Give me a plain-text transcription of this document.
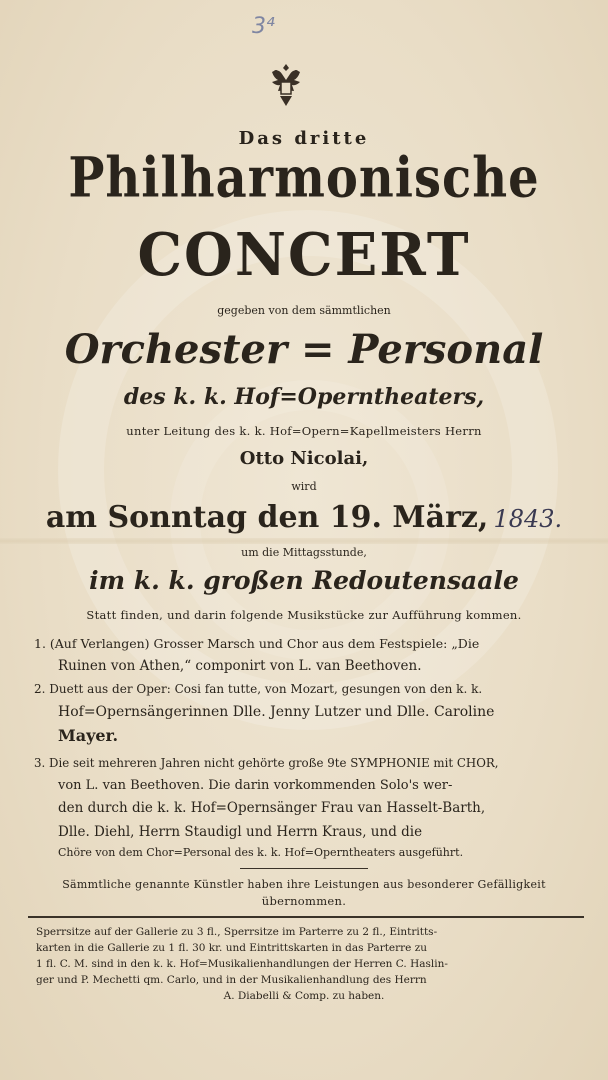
3⁴
Das dritte
Philharmonische
CONCERT
gegeben von dem sämmtlichen
Orchester = Personal
des k. k. Hof=Operntheaters,
unter Leitung des k. k. Hof=Opern=Kapellmeisters Herrn
Otto Nicolai,
wird
am Sonntag den 19. März, 1843.
um die Mittagsstunde,
im k. k. großen Redoutensaale
Statt finden, und darin folgende Musikstücke zur Aufführung kommen.
1. (Auf Verlangen) Grosser Marsch und Chor aus dem Festspiele: „Die
Ruinen von Athen,“ componirt von L. van Beethoven.
2. Duett aus der Oper: Cosi fan tutte, von Mozart, gesungen von den k. k.
Hof=Opernsängerinnen Dlle. Jenny Lutzer und Dlle. Caroline
Mayer.
3. Die seit mehreren Jahren nicht gehörte große 9te SYMPHONIE mit CHOR,
von L. van Beethoven. Die darin vorkommenden Solo's wer-
den durch die k. k. Hof=Opernsänger Frau van Hasselt-Barth,
Dlle. Diehl, Herrn Staudigl und Herrn Kraus, und die
Chöre von dem Chor=Personal des k. k. Hof=Operntheaters ausgeführt.
Sämmtliche genannte Künstler haben ihre Leistungen aus besonderer Gefälligkeit
übernommen.
Sperrsitze auf der Gallerie zu 3 fl., Sperrsitze im Parterre zu 2 fl., Eintritts-
karten in die Gallerie zu 1 fl. 30 kr. und Eintrittskarten in das Parterre zu
1 fl. C. M. sind in den k. k. Hof=Musikalienhandlungen der Herren C. Haslin-
ger und P. Mechetti qm. Carlo, und in der Musikalienhandlung des Herrn
A. Diabelli & Comp. zu haben.
